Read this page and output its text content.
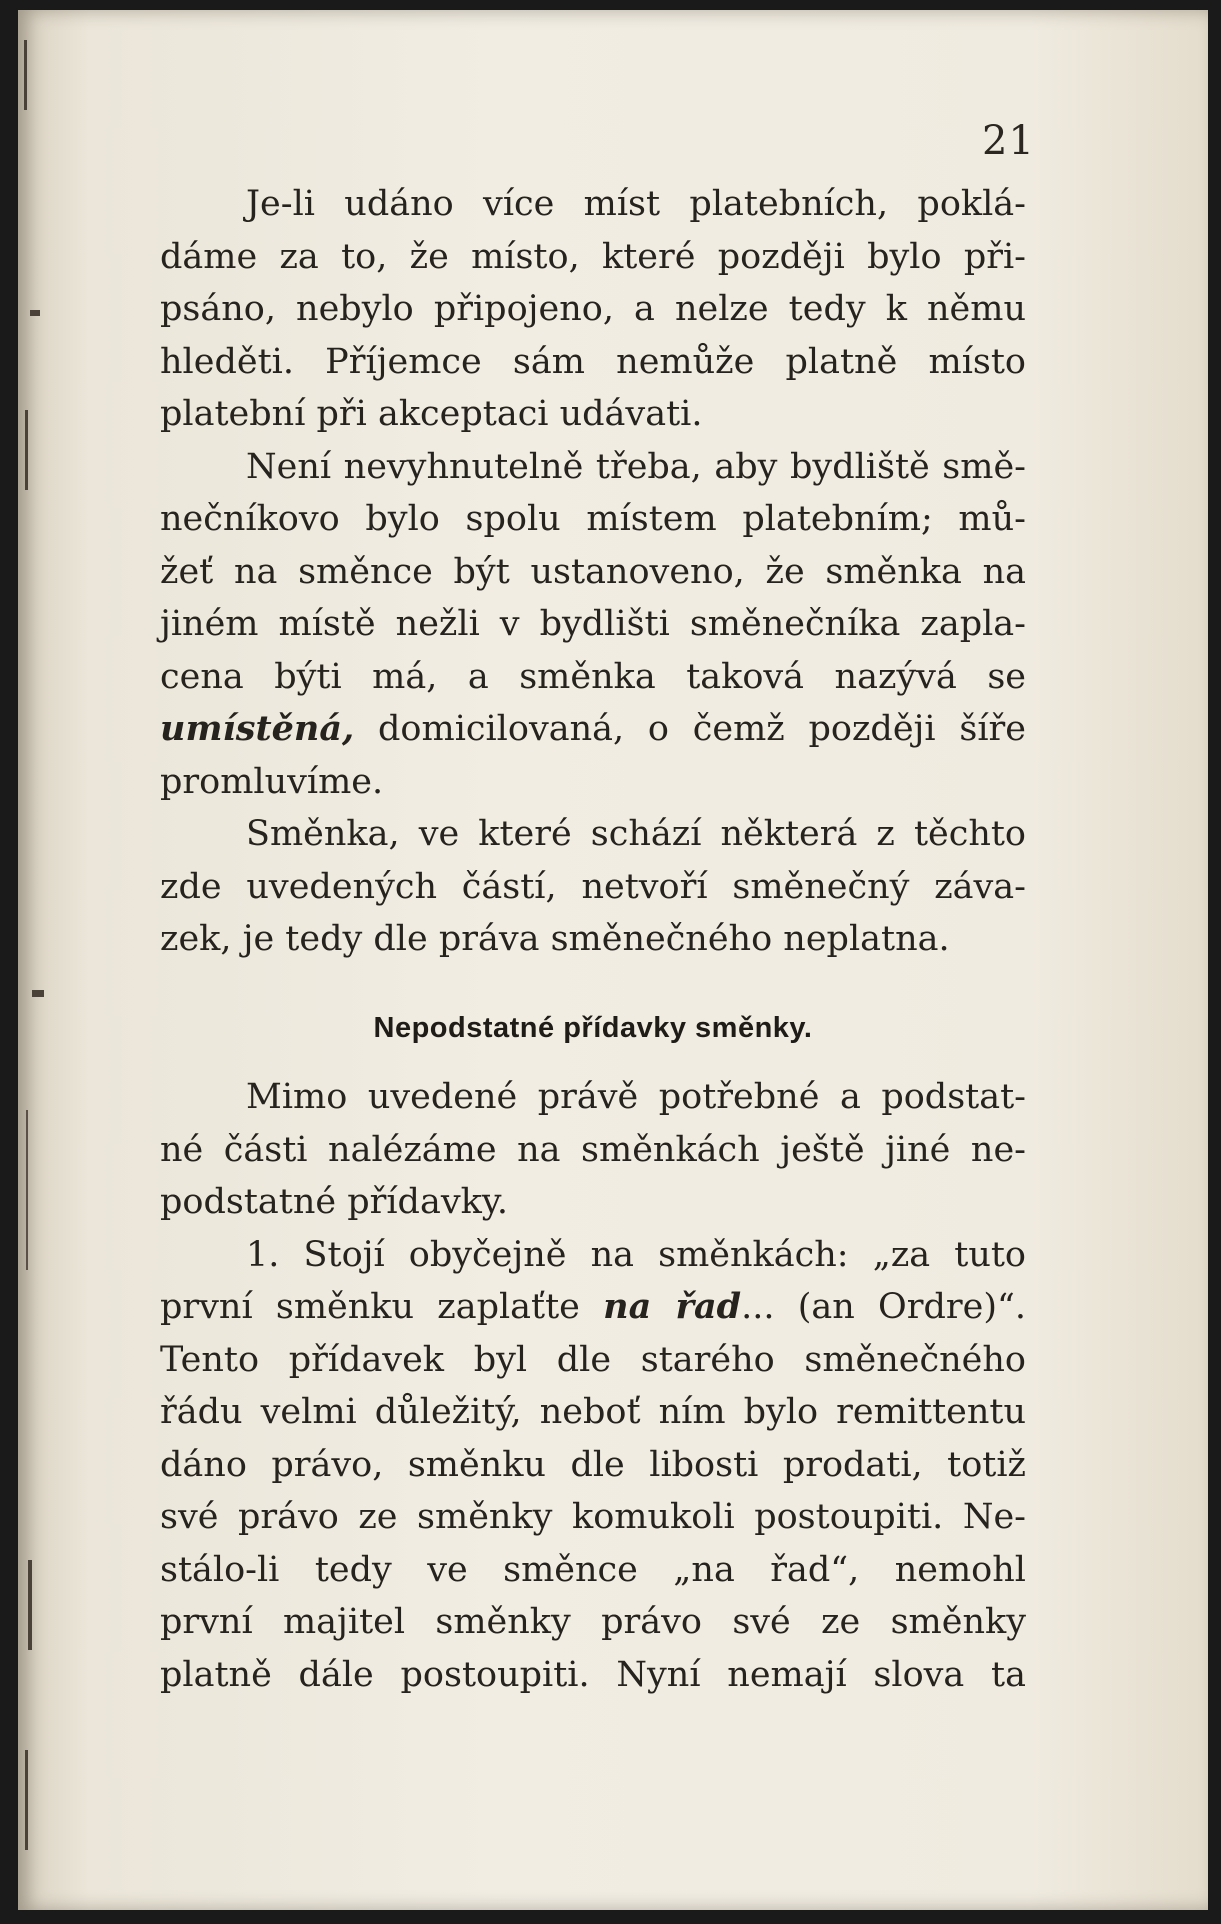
21
Je-li udáno více míst platebních, poklá-
dáme za to, že místo, které později bylo při-
psáno, nebylo připojeno, a nelze tedy k němu
hleděti. Příjemce sám nemůže platně místo
platební při akceptaci udávati.
Není nevyhnutelně třeba, aby bydliště smě-
nečníkovo bylo spolu místem platebním; mů-
žeť na směnce být ustanoveno, že směnka na
jiném místě nežli v bydlišti směnečníka zapla-
cena býti má, a směnka taková nazývá se
umístěná, domicilovaná, o čemž později šíře
promluvíme.
Směnka, ve které schází některá z těchto
zde uvedených částí, netvoří směnečný záva-
zek, je tedy dle práva směnečného neplatna.
Nepodstatné přídavky směnky.
Mimo uvedené právě potřebné a podstat-
né části nalézáme na směnkách ještě jiné ne-
podstatné přídavky.
1. Stojí obyčejně na směnkách: „za tuto
první směnku zaplaťte na řad... (an Ordre)“.
Tento přídavek byl dle starého směnečného
řádu velmi důležitý, neboť ním bylo remittentu
dáno právo, směnku dle libosti prodati, totiž
své právo ze směnky komukoli postoupiti. Ne-
stálo-li tedy ve směnce „na řad“, nemohl
první majitel směnky právo své ze směnky
platně dále postoupiti. Nyní nemají slova ta
